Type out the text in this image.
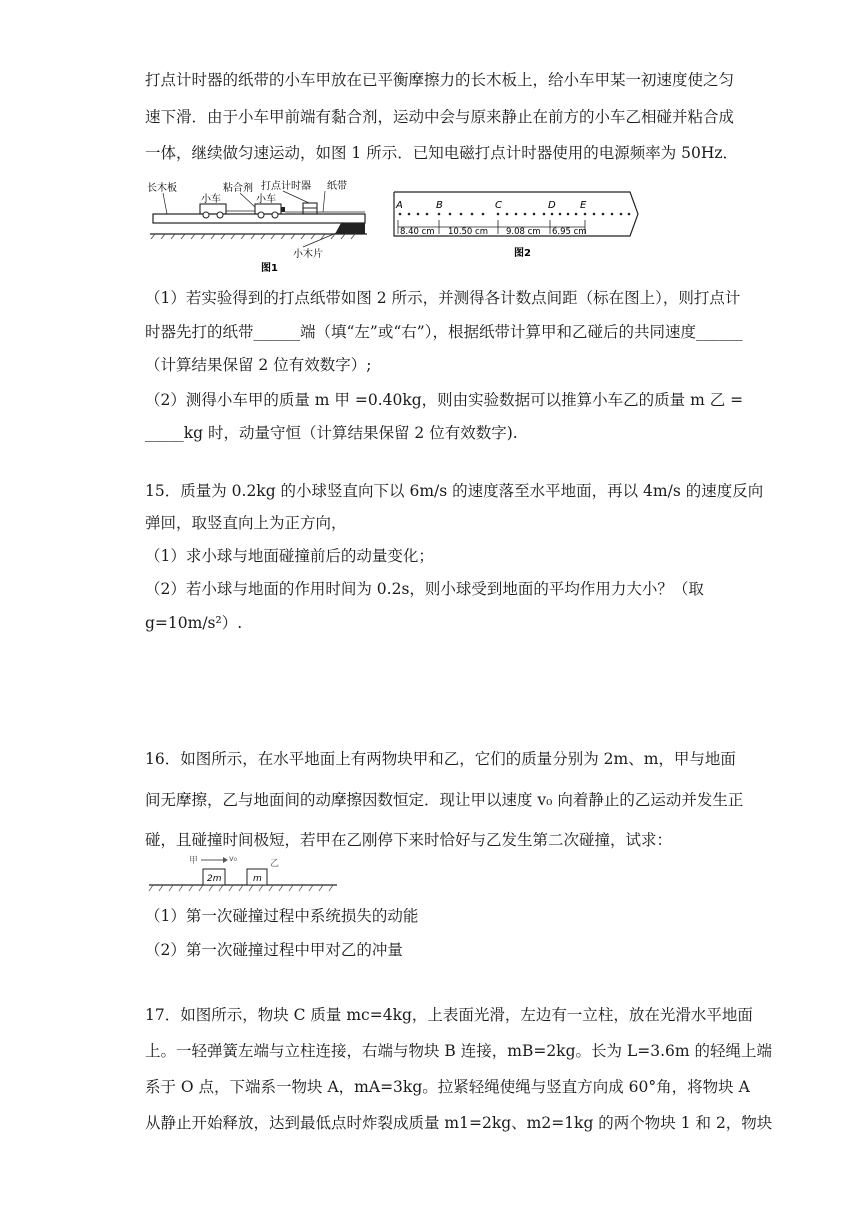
打点计时器的纸带的小车甲放在已平衡摩擦力的长木板上，给小车甲某一初速度使之匀
速下滑．由于小车甲前端有黏合剂，运动中会与原来静止在前方的小车乙相碰并粘合成
一体，继续做匀速运动，如图 1 所示．已知电磁打点计时器使用的电源频率为 50Hz．
长木板
小车
粘合剂
小车
打点计时器 纸带
小木片
图1
A	B	C	D E
8.40 cm 10.50 cm 9.08 cm 6.95 cm
图2
（1）若实验得到的打点纸带如图 2 所示，并测得各计数点间距（标在图上），则打点计
时器先打的纸带______端（填“左”或“右”），根据纸带计算甲和乙碰后的共同速度______
（计算结果保留 2 位有效数字）;
（2）测得小车甲的质量 m 甲 =0.40kg，则由实验数据可以推算小车乙的质量 m 乙 =
_____kg 时，动量守恒（计算结果保留 2 位有效数字).
15．质量为 0.2kg 的小球竖直向下以 6m/s 的速度落至水平地面，再以 4m/s 的速度反向
弹回，取竖直向上为正方向，
（1）求小球与地面碰撞前后的动量变化；
（2）若小球与地面的作用时间为 0.2s，则小球受到地面的平均作用力大小？（取
g=10m/s²）.
16．如图所示，在水平地面上有两物块甲和乙，它们的质量分别为 2m、m，甲与地面
间无摩擦，乙与地面间的动摩擦因数恒定．现让甲以速度 v₀ 向着静止的乙运动并发生正
碰，且碰撞时间极短，若甲在乙刚停下来时恰好与乙发生第二次碰撞，试求：
2m	m
甲	v₀
乙
（1）第一次碰撞过程中系统损失的动能
（2）第一次碰撞过程中甲对乙的冲量
17．如图所示，物块 C 质量 mc=4kg，上表面光滑，左边有一立柱，放在光滑水平地面
上。一轻弹簧左端与立柱连接，右端与物块 B 连接，mB=2kg。长为 L=3.6m 的轻绳上端
系于 O 点，下端系一物块 A，mA=3kg。拉紧轻绳使绳与竖直方向成 60°角，将物块 A
从静止开始释放，达到最低点时炸裂成质量 m1=2kg、m2=1kg 的两个物块 1 和 2，物块
